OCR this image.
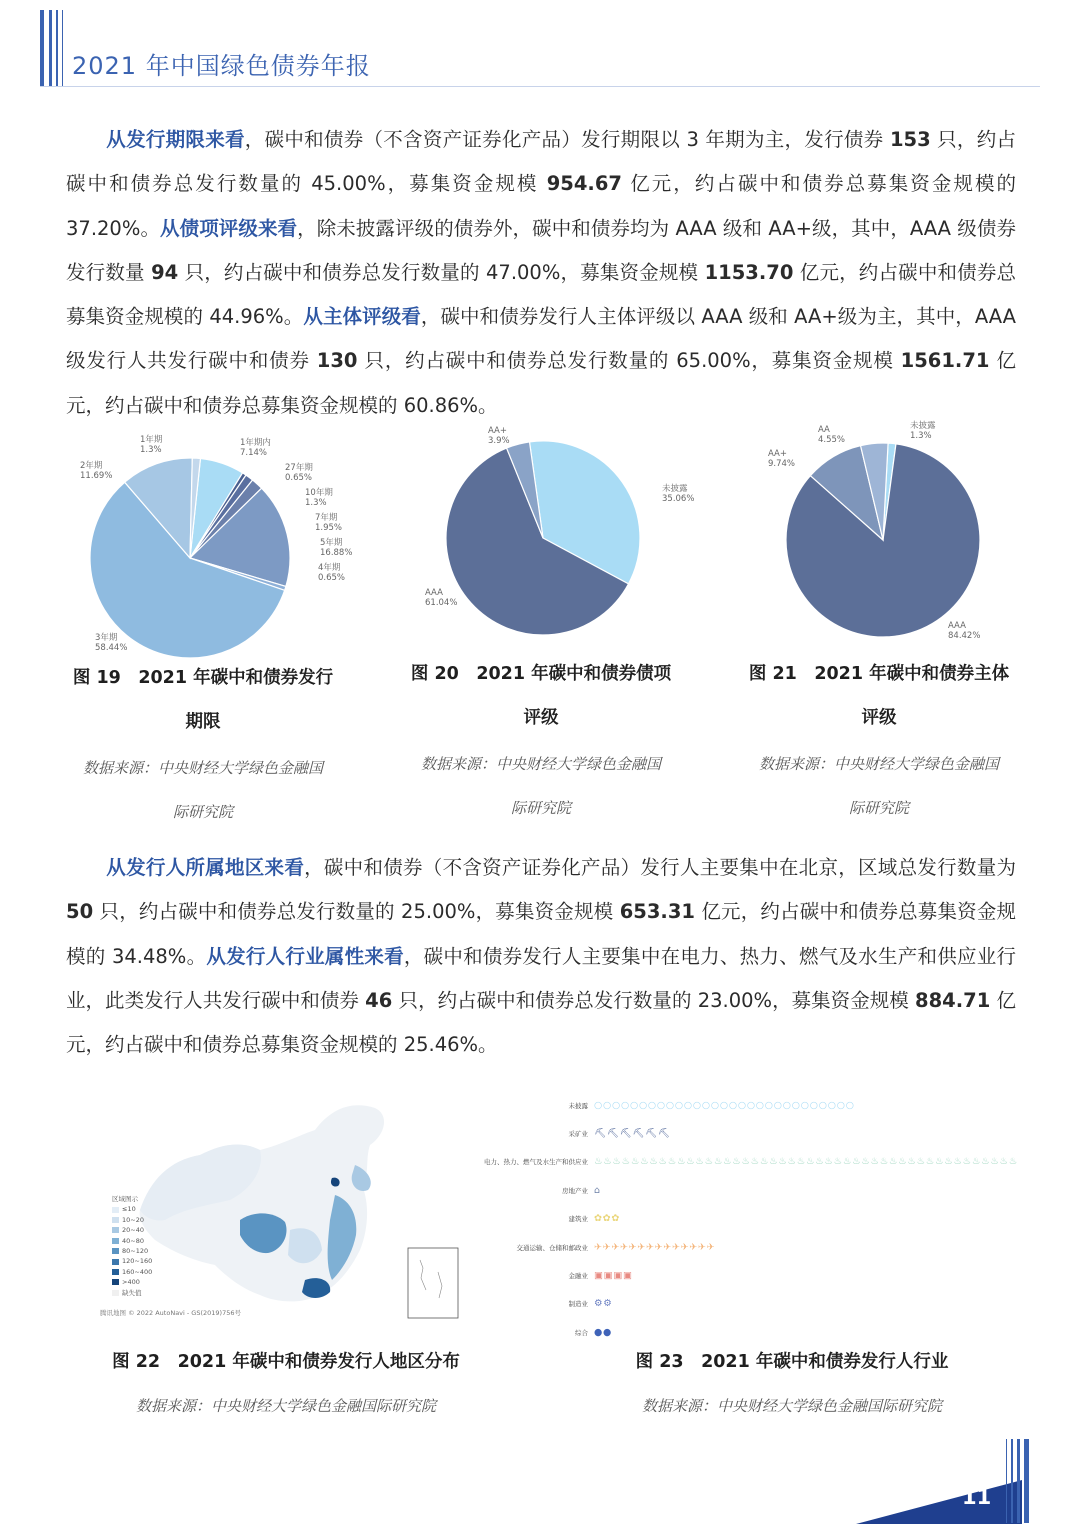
2021 年中国绿色债券年报
从发行期限来看，碳中和债券（不含资产证券化产品）发行期限以 3 年期为主，发行债券 153 只，约占碳中和债券总发行数量的 45.00%，募集资金规模 954.67 亿元，约占碳中和债券总募集资金规模的 37.20%。从债项评级来看，除未披露评级的债券外，碳中和债券均为 AAA 级和 AA+级，其中，AAA 级债券发行数量 94 只，约占碳中和债券总发行数量的 47.00%，募集资金规模 1153.70 亿元，约占碳中和债券总募集资金规模的 44.96%。从主体评级看，碳中和债券发行人主体评级以 AAA 级和 AA+级为主，其中，AAA 级发行人共发行碳中和债券 130 只，约占碳中和债券总发行数量的 65.00%，募集资金规模 1561.71 亿元，约占碳中和债券总募集资金规模的 60.86%。
1年期内
7.14%
27年期
0.65%
10年期
1.3%
7年期
1.95%
5年期
16.88%
4年期
0.65%
3年期
58.44%
2年期
11.69%
1年期
1.3%
未披露
35.06%
AAA
61.04%
AA+
3.9%
未披露
1.3%
AAA
84.42%
AA+
9.74%
AA
4.55%
图 19　2021 年碳中和债券发行
期限
数据来源：中央财经大学绿色金融国
际研究院
图 20　2021 年碳中和债券债项
评级
数据来源：中央财经大学绿色金融国
际研究院
图 21　2021 年碳中和债券主体
评级
数据来源：中央财经大学绿色金融国
际研究院
从发行人所属地区来看，碳中和债券（不含资产证券化产品）发行人主要集中在北京，区域总发行数量为 50 只，约占碳中和债券总发行数量的 25.00%，募集资金规模 653.31 亿元，约占碳中和债券总募集资金规模的 34.48%。从发行人行业属性来看，碳中和债券发行人主要集中在电力、热力、燃气及水生产和供应业行业，此类发行人共发行碳中和债券 46 只，约占碳中和债券总发行数量的 23.00%，募集资金规模 884.71 亿元，约占碳中和债券总募集资金规模的 25.46%。
区域图示
≤10
10~20
20~40
40~80
80~120
120~160
160~400
>400
缺失值
腾讯地图 © 2022 AutoNavi - GS(2019)756号
未披露 ○○○○○○○○○○○○○○○○○○○○○○○○○○○○○
采矿业 ⛏⛏⛏⛏⛏⛏
电力、热力、燃气及水生产和供应业 ♨♨♨♨♨♨♨♨♨♨♨♨♨♨♨♨♨♨♨♨♨♨♨♨♨♨♨♨♨♨♨♨♨♨♨♨♨♨♨♨♨♨♨♨♨♨
房地产业 ⌂
建筑业 ✿✿✿
交通运输、仓储和邮政业 ✈✈✈✈✈✈✈✈✈✈✈✈✈✈
金融业 ▣▣▣▣
制造业 ⚙⚙
综合 ●●
图 22　2021 年碳中和债券发行人地区分布
数据来源：中央财经大学绿色金融国际研究院
图 23　2021 年碳中和债券发行人行业
数据来源：中央财经大学绿色金融国际研究院
11
